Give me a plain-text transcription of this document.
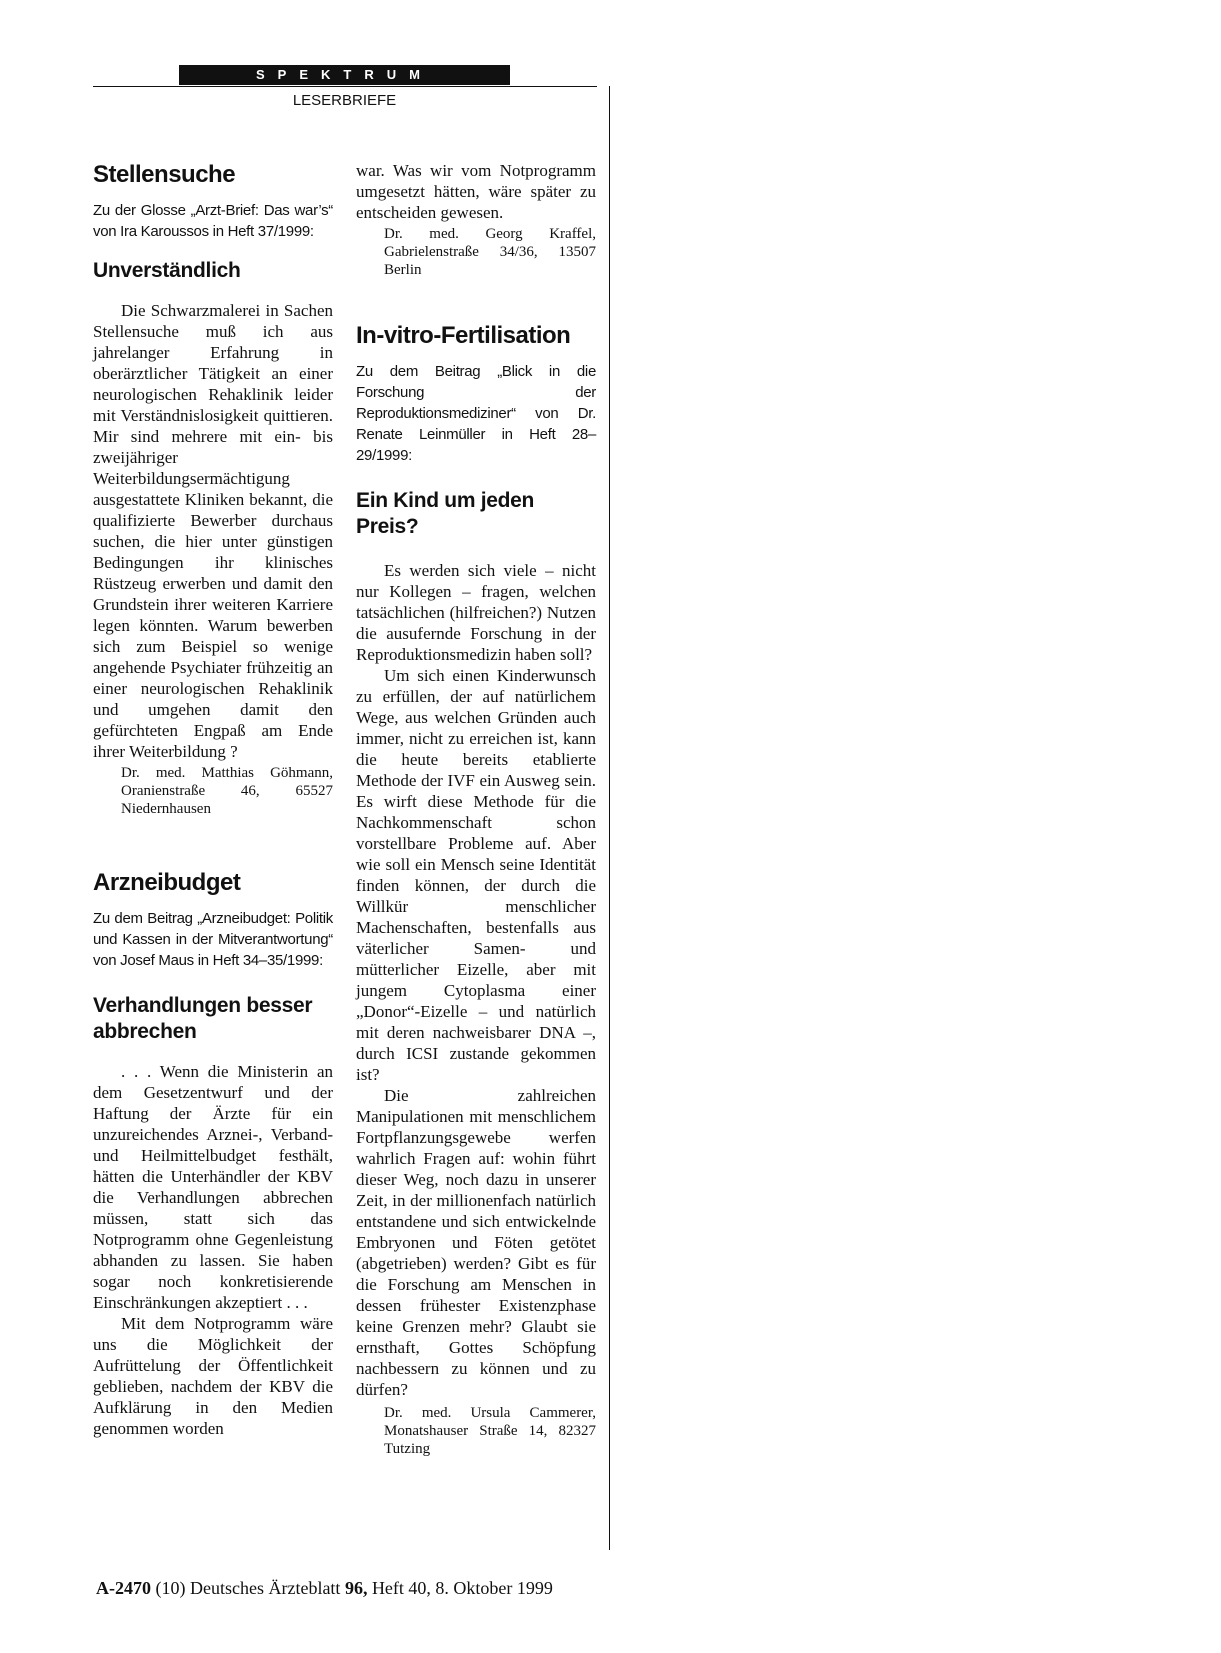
SPEKTRUM
LESERBRIEFE
Stellensuche
Zu der Glosse „Arzt-Brief: Das war’s“ von Ira Karoussos in Heft 37/1999:
Unverständlich

Die Schwarzmalerei in Sachen Stellensuche muß ich aus jahrelanger Erfahrung in oberärztlicher Tätigkeit an einer neurologischen Rehaklinik leider mit Verständnislosigkeit quittieren. Mir sind mehrere mit ein- bis zweijähriger Weiterbildungsermächtigung ausgestattete Kliniken bekannt, die qualifizierte Bewerber durchaus suchen, die hier unter günstigen Bedingungen ihr klinisches Rüstzeug erwerben und damit den Grundstein ihrer weiteren Karriere legen könnten. Warum bewerben sich zum Beispiel so wenige angehende Psychiater frühzeitig an einer neurologischen Rehaklinik und umgehen damit den gefürchteten Engpaß am Ende ihrer Weiterbildung ?

Dr. med. Matthias Göhmann, Oranienstraße 46, 65527 Niedernhausen

Arzneibudget
Zu dem Beitrag „Arzneibudget: Politik und Kassen in der Mitverantwortung“ von Josef Maus in Heft 34–35/1999:
Verhandlungen besser abbrechen

. . . Wenn die Ministerin an dem Gesetzentwurf und der Haftung der Ärzte für ein unzureichendes Arznei-, Verband- und Heilmittelbudget festhält, hätten die Unterhändler der KBV die Verhandlungen abbrechen müssen, statt sich das Notprogramm ohne Gegenleistung abhanden zu lassen. Sie haben sogar noch konkretisierende Einschränkungen akzeptiert . . .

Mit dem Notprogramm wäre uns die Möglichkeit der Aufrüttelung der Öffentlichkeit geblieben, nachdem der KBV die Aufklärung in den Medien genommen worden

war. Was wir vom Notprogramm umgesetzt hätten, wäre später zu entscheiden gewesen.

Dr. med. Georg Kraffel, Gabrielenstraße 34/36, 13507 Berlin

In-vitro-Fertilisation
Zu dem Beitrag „Blick in die Forschung der Reproduktionsmediziner“ von Dr. Renate Leinmüller in Heft 28–29/1999:
Ein Kind um jeden Preis?

Es werden sich viele – nicht nur Kollegen – fragen, welchen tatsächlichen (hilfreichen?) Nutzen die ausufernde Forschung in der Reproduktionsmedizin haben soll?

Um sich einen Kinderwunsch zu erfüllen, der auf natürlichem Wege, aus welchen Gründen auch immer, nicht zu erreichen ist, kann die heute bereits etablierte Methode der IVF ein Ausweg sein. Es wirft diese Methode für die Nachkommenschaft schon vorstellbare Probleme auf. Aber wie soll ein Mensch seine Identität finden können, der durch die Willkür menschlicher Machenschaften, bestenfalls aus väterlicher Samen- und mütterlicher Eizelle, aber mit jungem Cytoplasma einer „Donor“-Eizelle – und natürlich mit deren nachweisbarer DNA –, durch ICSI zustande gekommen ist?

Die zahlreichen Manipulationen mit menschlichem Fortpflanzungsgewebe werfen wahrlich Fragen auf: wohin führt dieser Weg, noch dazu in unserer Zeit, in der millionenfach natürlich entstandene und sich entwickelnde Embryonen und Föten getötet (abgetrieben) werden? Gibt es für die Forschung am Menschen in dessen frühester Existenzphase keine Grenzen mehr? Glaubt sie ernsthaft, Gottes Schöpfung nachbessern zu können und zu dürfen?

Dr. med. Ursula Cammerer, Monatshauser Straße 14, 82327 Tutzing

A-2470 (10) Deutsches Ärzteblatt 96, Heft 40, 8. Oktober 1999
